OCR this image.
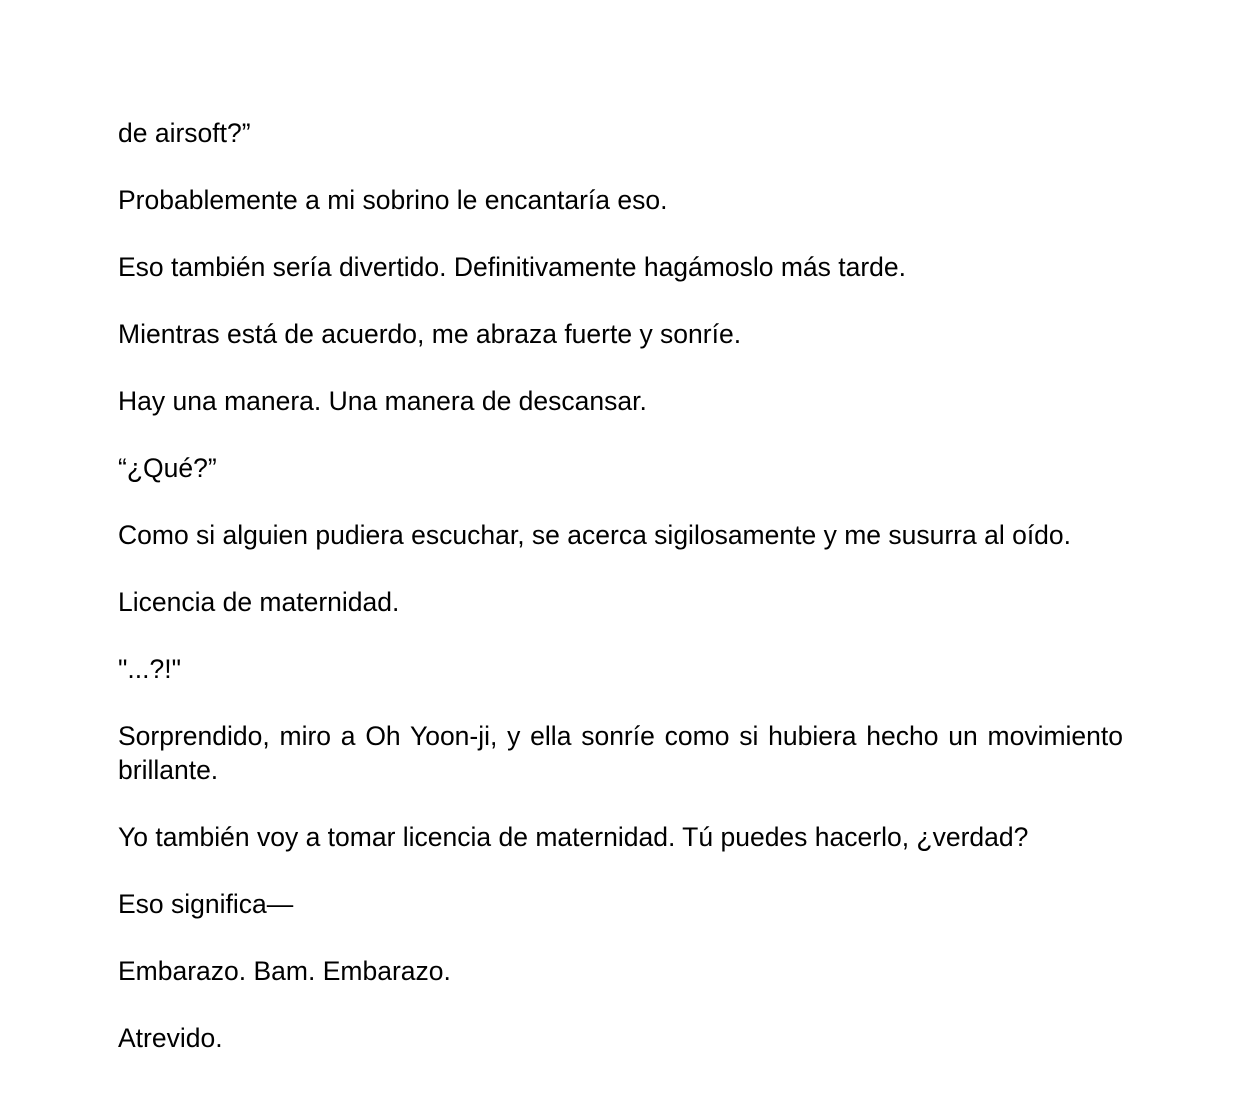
de airsoft?”

Probablemente a mi sobrino le encantaría eso.

Eso también sería divertido. Definitivamente hagámoslo más tarde.

Mientras está de acuerdo, me abraza fuerte y sonríe.

Hay una manera. Una manera de descansar.

“¿Qué?”

Como si alguien pudiera escuchar, se acerca sigilosamente y me susurra al oído.

Licencia de maternidad.

"...?!"

Sorprendido, miro a Oh Yoon-ji, y ella sonríe como si hubiera hecho un movimiento brillante.

Yo también voy a tomar licencia de maternidad. Tú puedes hacerlo, ¿verdad?

Eso significa—

Embarazo. Bam. Embarazo.

Atrevido.
